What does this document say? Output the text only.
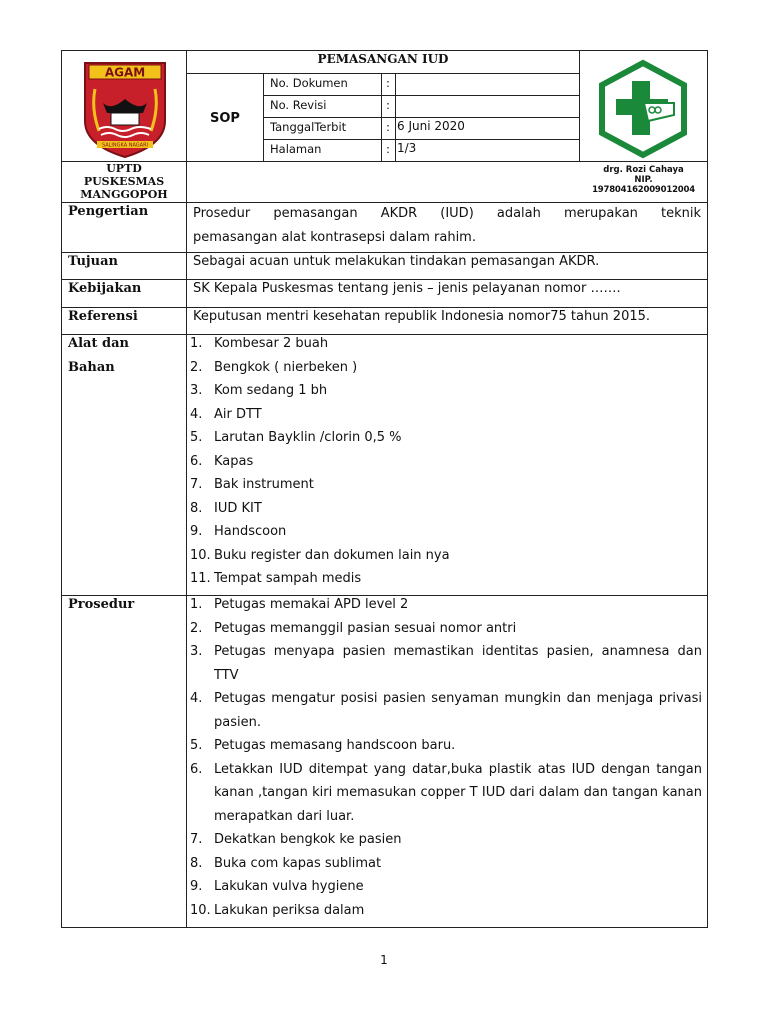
AGAM
SALINGKA NAGARI
UPTD
PUSKESMAS
MANGGOPOH
PEMASANGAN IUD
SOP
No. Dokumen	:
No. Revisi	:
TanggalTerbit	: 6 Juni 2020
Halaman	: 1/3
drg. Rozi Cahaya
NIP.
197804162009012004
Pengertian	Prosedur pemasangan AKDR (IUD) adalah merupakan teknik
pemasangan alat kontrasepsi dalam rahim.
Tujuan	Sebagai acuan untuk melakukan tindakan pemasangan AKDR.
Kebijakan	SK Kepala Puskesmas tentang jenis – jenis pelayanan nomor …….
Referensi	Keputusan mentri kesehatan republik Indonesia nomor75 tahun 2015.
Alat dan
Bahan
1. Kombesar 2 buah
2. Bengkok ( nierbeken )
3. Kom sedang 1 bh
4. Air DTT
5. Larutan Bayklin /clorin 0,5 %
6. Kapas
7. Bak instrument
8. IUD KIT
9. Handscoon
10. Buku register dan dokumen lain nya
11. Tempat sampah medis
Prosedur	1. Petugas memakai APD level 2
2. Petugas memanggil pasian sesuai nomor antri
3. Petugas menyapa pasien memastikan identitas pasien, anamnesa dan TTV
4. Petugas mengatur posisi pasien senyaman mungkin dan menjaga privasi pasien.
5. Petugas memasang handscoon baru.
6. Letakkan IUD ditempat yang datar,buka plastik atas IUD dengan tangan kanan ,tangan kiri memasukan copper T IUD dari dalam dan tangan kanan merapatkan dari luar.
7. Dekatkan bengkok ke pasien
8. Buka com kapas sublimat
9. Lakukan vulva hygiene
10. Lakukan periksa dalam
1
